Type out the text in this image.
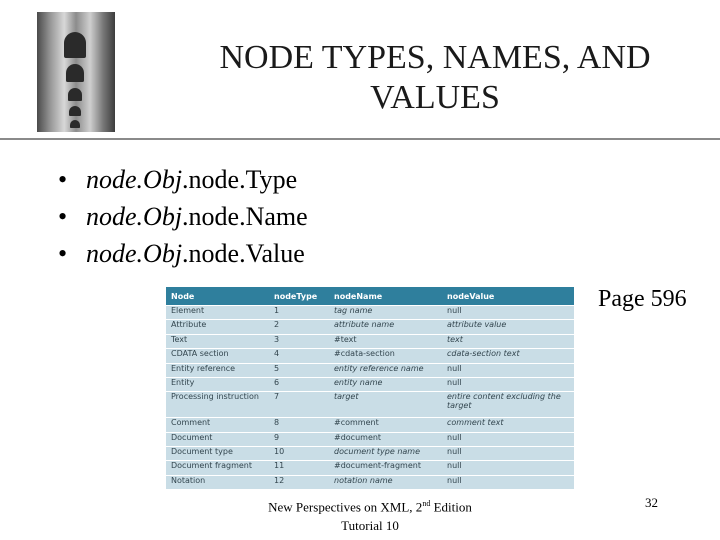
NODE TYPES, NAMES, AND
VALUES
• node.Obj.node.Type
• node.Obj.node.Name
• node.Obj.node.Value
Node	nodeType	nodeName	nodeValue
Element	1	tag name	null
Attribute	2	attribute name	attribute value
Text	3	#text	text
CDATA section	4	#cdata-section	cdata-section text
Entity reference	5	entity reference name	null
Entity	6	entity name	null
Processing instruction	7	target	entire content excluding the target
Comment	8	#comment	comment text
Document	9	#document	null
Document type	10	document type name	null
Document fragment	11	#document-fragment	null
Notation	12	notation name	null
Page 596
New Perspectives on XML, 2nd Edition
Tutorial 10
32
